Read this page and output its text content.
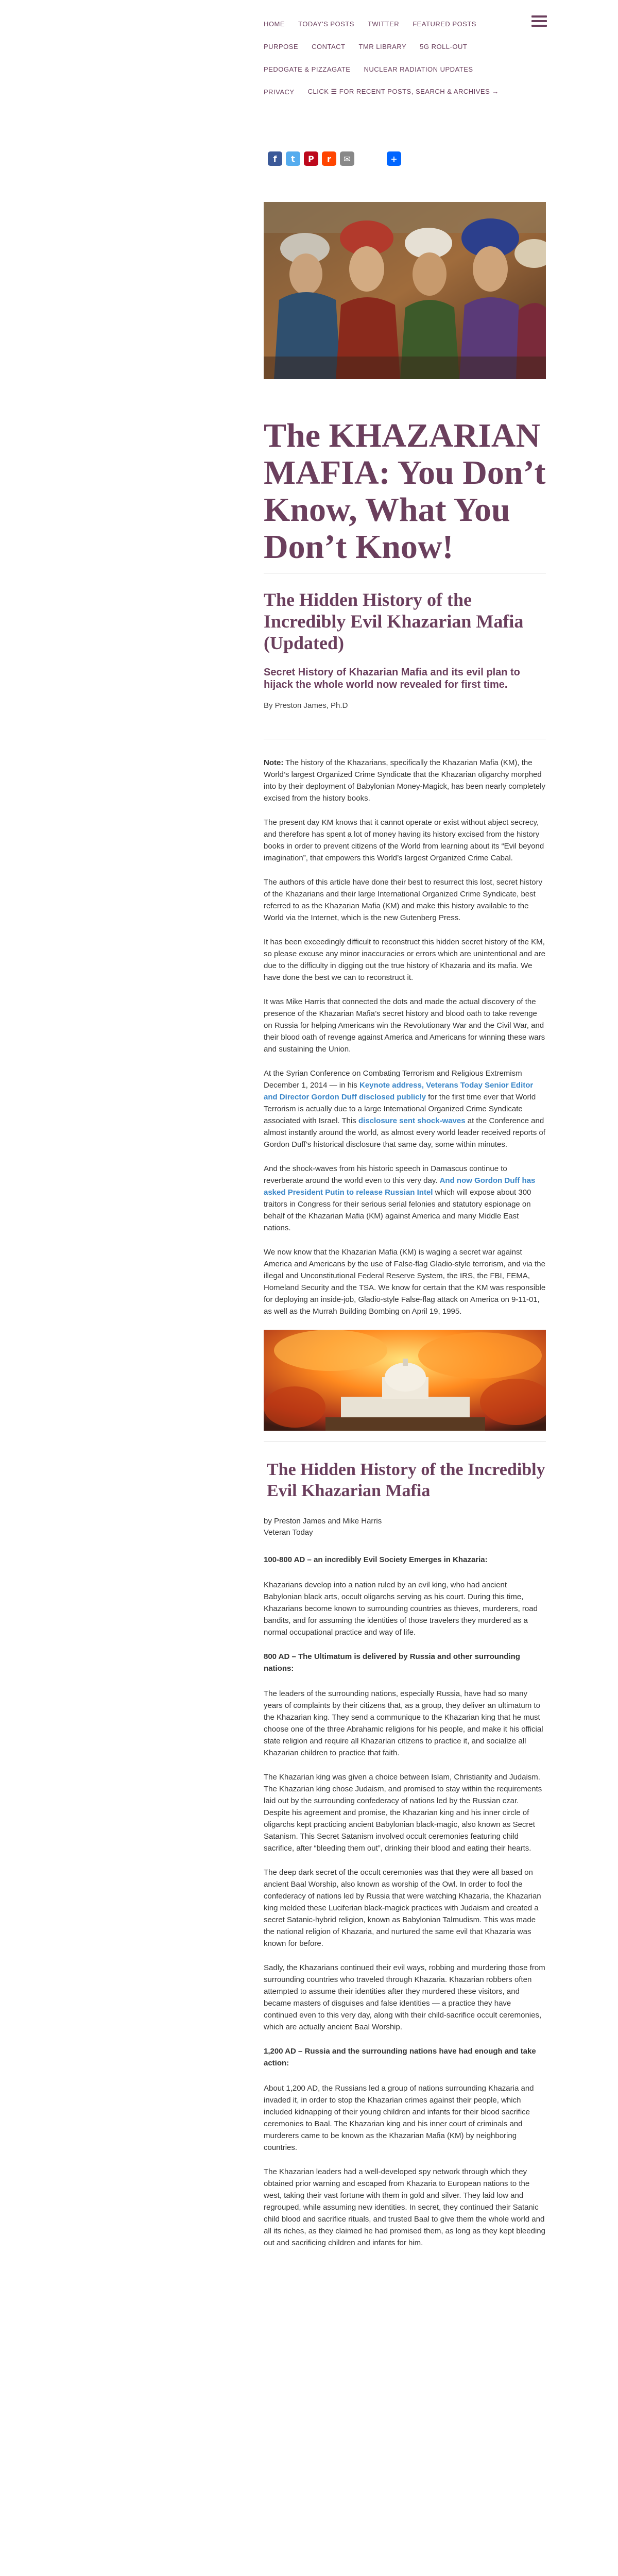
HOME TODAY'S POSTS TWITTER FEATURED POSTS
PURPOSE CONTACT TMR LIBRARY 5G ROLL-OUT
PEDOGATE & PIZZAGATE NUCLEAR RADIATION UPDATES
PRIVACY CLICK ☰ FOR RECENT POSTS, SEARCH & ARCHIVES →
f	t	P	r	✉	+
The KHAZARIAN MAFIA: You Don’t Know, What You Don’t Know!
The Hidden History of the Incredibly Evil Khazarian Mafia (Updated)
Secret History of Khazarian Mafia and its evil plan to hijack the whole world now revealed for first time.
By Preston James, Ph.D

Note: The history of the Khazarians, specifically the Khazarian Mafia (KM), the World’s largest Organized Crime Syndicate that the Khazarian oligarchy morphed into by their deployment of Babylonian Money-Magick, has been nearly completely excised from the history books.

The present day KM knows that it cannot operate or exist without abject secrecy, and therefore has spent a lot of money having its history excised from the history books in order to prevent citizens of the World from learning about its “Evil beyond imagination”, that empowers this World’s largest Organized Crime Cabal.

The authors of this article have done their best to resurrect this lost, secret history of the Khazarians and their large International Organized Crime Syndicate, best referred to as the Khazarian Mafia (KM) and make this history available to the World via the Internet, which is the new Gutenberg Press.

It has been exceedingly difficult to reconstruct this hidden secret history of the KM, so please excuse any minor inaccuracies or errors which are unintentional and are due to the difficulty in digging out the true history of Khazaria and its mafia. We have done the best we can to reconstruct it.

It was Mike Harris that connected the dots and made the actual discovery of the presence of the Khazarian Mafia’s secret history and blood oath to take revenge on Russia for helping Americans win the Revolutionary War and the Civil War, and their blood oath of revenge against America and Americans for winning these wars and sustaining the Union.

At the Syrian Conference on Combating Terrorism and Religious Extremism December 1, 2014 — in his Keynote address, Veterans Today Senior Editor and Director Gordon Duff disclosed publicly for the first time ever that World Terrorism is actually due to a large International Organized Crime Syndicate associated with Israel. This disclosure sent shock-waves at the Conference and almost instantly around the world, as almost every world leader received reports of Gordon Duff’s historical disclosure that same day, some within minutes.

And the shock-waves from his historic speech in Damascus continue to reverberate around the world even to this very day. And now Gordon Duff has asked President Putin to release Russian Intel which will expose about 300 traitors in Congress for their serious serial felonies and statutory espionage on behalf of the Khazarian Mafia (KM) against America and many Middle East nations.

We now know that the Khazarian Mafia (KM) is waging a secret war against America and Americans by the use of False-flag Gladio-style terrorism, and via the illegal and Unconstitutional Federal Reserve System, the IRS, the FBI, FEMA, Homeland Security and the TSA. We know for certain that the KM was responsible for deploying an inside-job, Gladio-style False-flag attack on America on 9-11-01, as well as the Murrah Building Bombing on April 19, 1995.

The Hidden History of the Incredibly Evil Khazarian Mafia
by Preston James and Mike Harris
Veteran Today
100-800 AD – an incredibly Evil Society Emerges in Khazaria:

Khazarians develop into a nation ruled by an evil king, who had ancient Babylonian black arts, occult oligarchs serving as his court. During this time, Khazarians become known to surrounding countries as thieves, murderers, road bandits, and for assuming the identities of those travelers they murdered as a normal occupational practice and way of life.

800 AD – The Ultimatum is delivered by Russia and other surrounding nations:

The leaders of the surrounding nations, especially Russia, have had so many years of complaints by their citizens that, as a group, they deliver an ultimatum to the Khazarian king. They send a communique to the Khazarian king that he must choose one of the three Abrahamic religions for his people, and make it his official state religion and require all Khazarian citizens to practice it, and socialize all Khazarian children to practice that faith.

The Khazarian king was given a choice between Islam, Christianity and Judaism. The Khazarian king chose Judaism, and promised to stay within the requirements laid out by the surrounding confederacy of nations led by the Russian czar. Despite his agreement and promise, the Khazarian king and his inner circle of oligarchs kept practicing ancient Babylonian black-magic, also known as Secret Satanism. This Secret Satanism involved occult ceremonies featuring child sacrifice, after “bleeding them out”, drinking their blood and eating their hearts.

The deep dark secret of the occult ceremonies was that they were all based on ancient Baal Worship, also known as worship of the Owl. In order to fool the confederacy of nations led by Russia that were watching Khazaria, the Khazarian king melded these Luciferian black-magick practices with Judaism and created a secret Satanic-hybrid religion, known as Babylonian Talmudism. This was made the national religion of Khazaria, and nurtured the same evil that Khazaria was known for before.

Sadly, the Khazarians continued their evil ways, robbing and murdering those from surrounding countries who traveled through Khazaria. Khazarian robbers often attempted to assume their identities after they murdered these visitors, and became masters of disguises and false identities — a practice they have continued even to this very day, along with their child-sacrifice occult ceremonies, which are actually ancient Baal Worship.

1,200 AD – Russia and the surrounding nations have had enough and take action:

About 1,200 AD, the Russians led a group of nations surrounding Khazaria and invaded it, in order to stop the Khazarian crimes against their people, which included kidnapping of their young children and infants for their blood sacrifice ceremonies to Baal. The Khazarian king and his inner court of criminals and murderers came to be known as the Khazarian Mafia (KM) by neighboring countries.

The Khazarian leaders had a well-developed spy network through which they obtained prior warning and escaped from Khazaria to European nations to the west, taking their vast fortune with them in gold and silver. They laid low and regrouped, while assuming new identities. In secret, they continued their Satanic child blood and sacrifice rituals, and trusted Baal to give them the whole world and all its riches, as they claimed he had promised them, as long as they kept bleeding out and sacrificing children and infants for him.
